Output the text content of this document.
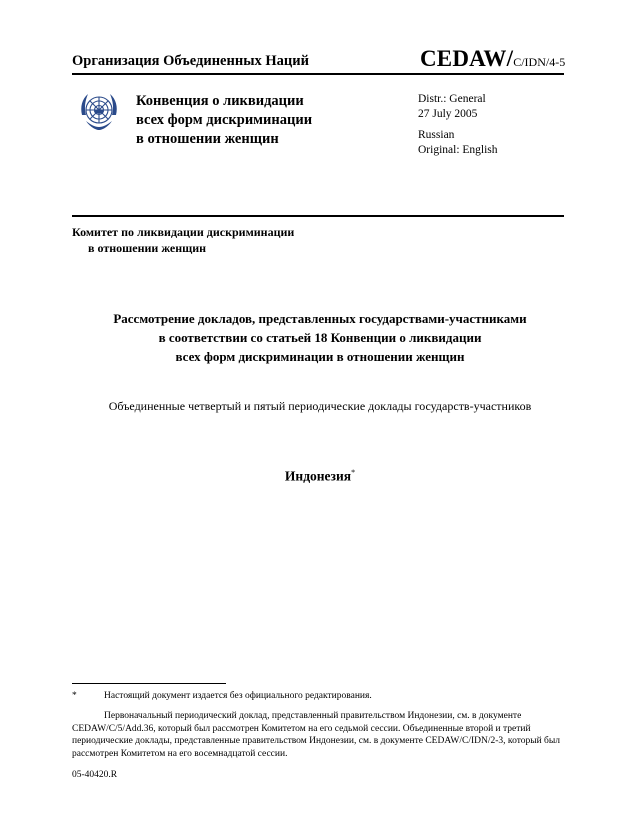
Организация Объединенных Наций	CEDAW/C/IDN/4-5
Конвенция о ликвидации
всех форм дискриминации
в отношении женщин
Distr.: General
27 July 2005
Russian
Original: English
Комитет по ликвидации дискриминации
в отношении женщин
Рассмотрение докладов, представленных государствами-участниками
в соответствии со статьей 18 Конвенции о ликвидации
всех форм дискриминации в отношении женщин
Объединенные четвертый и пятый периодические доклады государств-участников
Индонезия*
*	Настоящий документ издается без официального редактирования.
Первоначальный периодический доклад, представленный правительством Индонезии, см. в документе CEDAW/C/5/Add.36, который был рассмотрен Комитетом на его седьмой сессии. Объединенные второй и третий периодические доклады, представленные правительством Индонезии, см. в документе CEDAW/C/IDN/2-3, который был рассмотрен Комитетом на его восемнадцатой сессии.
05-40420.R
